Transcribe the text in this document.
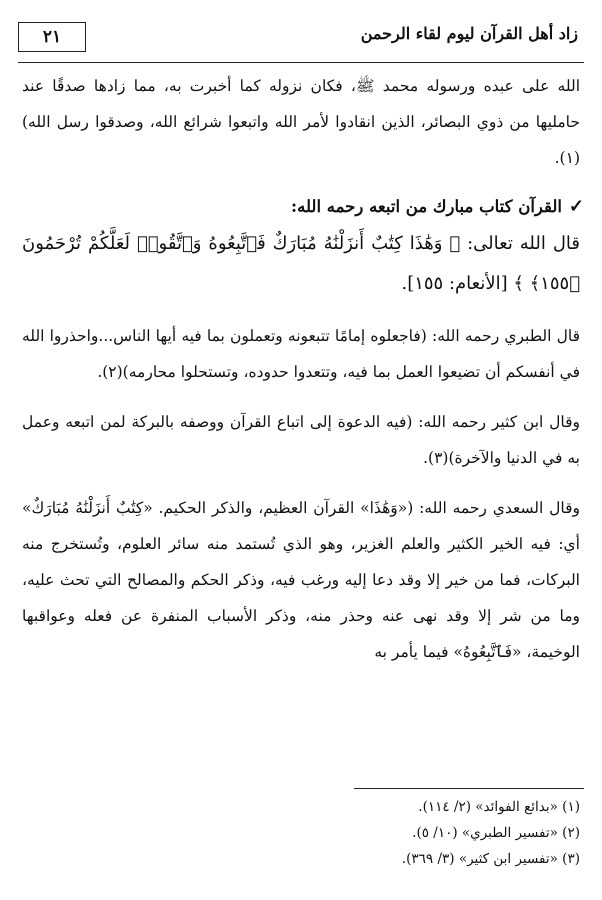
٢١	زاد أهل القرآن ليوم لقاء الرحمن

الله على عبده ورسوله محمد ﷺ، فكان نزوله كما أخبرت به، مما زادها صدقًا عند حامليها من ذوي البصائر، الذين انقادوا لأمر الله واتبعوا شرائع الله، وصدقوا رسل الله)(١).

✓
القرآن كتاب مبارك من اتبعه رحمه الله:

قال الله تعالى: ﴿ وَهَٰذَا كِتَٰبٌ أَنزَلْنَٰهُ مُبَارَكٌ فَٱتَّبِعُوهُ وَٱتَّقُوا۟ لَعَلَّكُمْ تُرْحَمُونَ ﴿١٥٥﴾ ﴾ [الأنعام: ١٥٥].

قال الطبري رحمه الله: (فاجعلوه إمامًا تتبعونه وتعملون بما فيه أيها الناس...واحذروا الله في أنفسكم أن تضيعوا العمل بما فيه، وتتعدوا حدوده، وتستحلوا محارمه)(٢).

وقال ابن كثير رحمه الله: (فيه الدعوة إلى اتباع القرآن ووصفه بالبركة لمن اتبعه وعمل به في الدنيا والآخرة)(٣).

وقال السعدي رحمه الله: («وَهَٰذَا» القرآن العظيم، والذكر الحكيم. «كِتَٰبٌ أَنزَلْنَٰهُ مُبَارَكٌ» أي: فيه الخير الكثير والعلم الغزير، وهو الذي تُستمد منه سائر العلوم، وتُستخرج منه البركات، فما من خير إلا وقد دعا إليه ورغب فيه، وذكر الحكم والمصالح التي تحث عليه، وما من شر إلا وقد نهى عنه وحذر منه، وذكر الأسباب المنفرة عن فعله وعواقبها الوخيمة، «فَٱتَّبِعُوهُ» فيما يأمر به

(١) «بدائع الفوائد» (٢/ ١١٤).

(٢) «تفسير الطبري» (١٠/ ٥).

(٣) «تفسير ابن كثير» (٣/ ٣٦٩).
